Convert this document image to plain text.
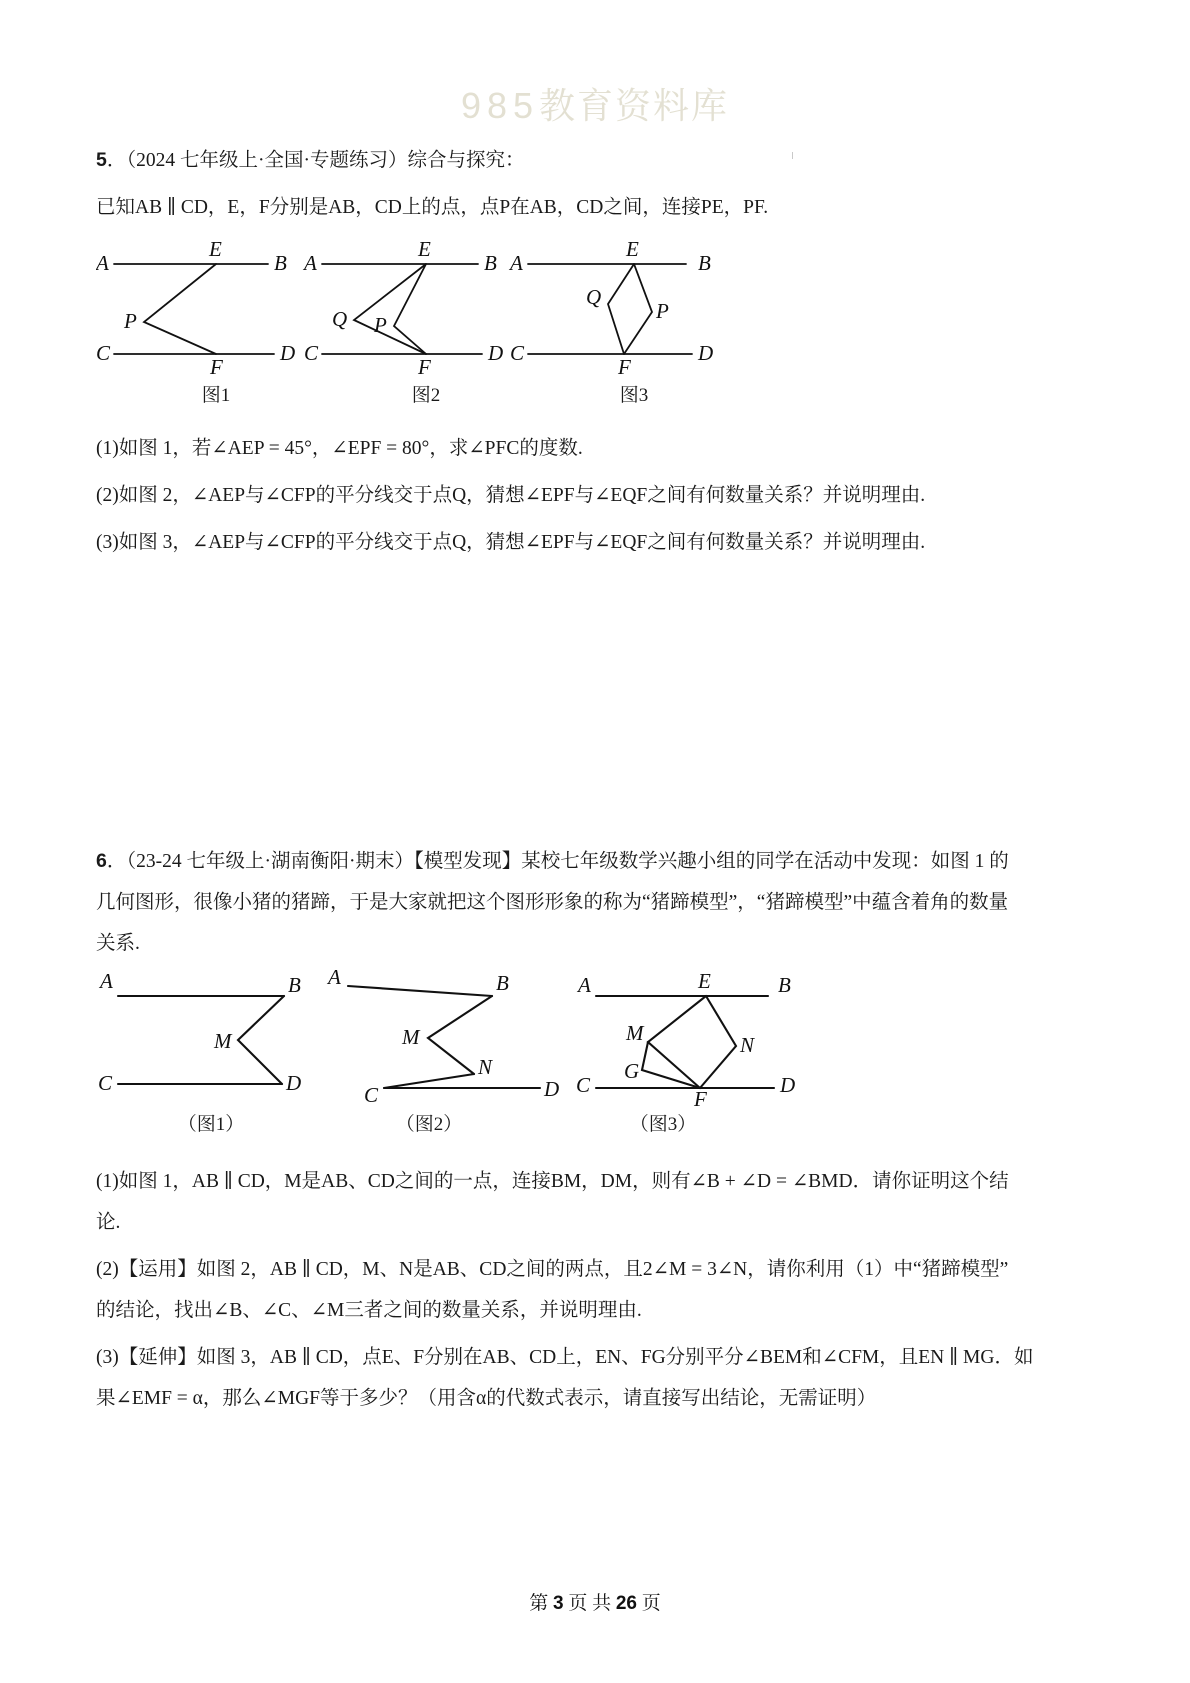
985教育资料库

5．（2024 七年级上·全国·专题练习）综合与探究：

已知AB ∥ CD，E，F分别是AB，CD上的点，点P在AB，CD之间，连接PE，PF.

A	B
C	D
E
F
P
A	B
C	D
E
F
P
Q
A	B
C	D
E
F
P
Q
图1	图2	图3

(1)如图 1，若∠AEP = 45°，∠EPF = 80°，求∠PFC的度数.

(2)如图 2，∠AEP与∠CFP的平分线交于点Q，猜想∠EPF与∠EQF之间有何数量关系？并说明理由.

(3)如图 3，∠AEP与∠CFP的平分线交于点Q，猜想∠EPF与∠EQF之间有何数量关系？并说明理由.

6．（23-24 七年级上·湖南衡阳·期末）【模型发现】某校七年级数学兴趣小组的同学在活动中发现：如图 1 的

几何图形，很像小猪的猪蹄，于是大家就把这个图形形象的称为“猪蹄模型”，“猪蹄模型”中蕴含着角的数量

关系.

A	B
C	D
M
A	B
C	D
M
N
A	B
C	D
E
F
G
M	N
（图1）	（图2）	（图3）

(1)如图 1，AB ∥ CD，M是AB、CD之间的一点，连接BM，DM，则有∠B + ∠D = ∠BMD．请你证明这个结

论.

(2)【运用】如图 2，AB ∥ CD，M、N是AB、CD之间的两点，且2∠M = 3∠N，请你利用（1）中“猪蹄模型”

的结论，找出∠B、∠C、∠M三者之间的数量关系，并说明理由.

(3)【延伸】如图 3，AB ∥ CD，点E、F分别在AB、CD上，EN、FG分别平分∠BEM和∠CFM，且EN ∥ MG．如

果∠EMF = α，那么∠MGF等于多少？（用含α的代数式表示，请直接写出结论，无需证明）

第 3 页 共 26 页
